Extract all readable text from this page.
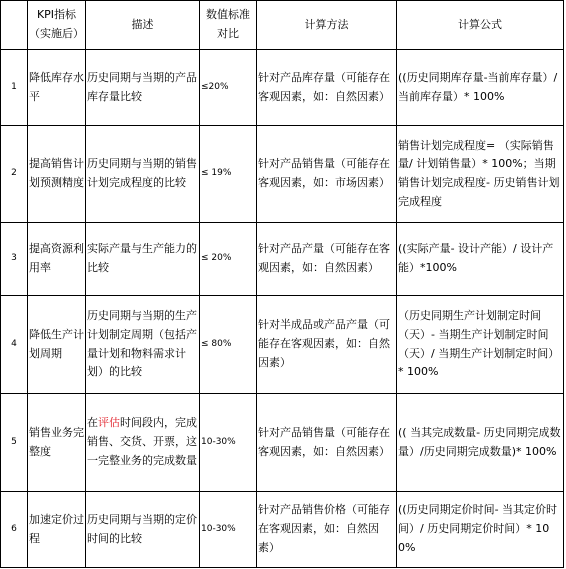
	KPI指标（实施后）	描述	数值标准对比	计算方法	计算公式
1	降低库存水平	历史同期与当期的产品库存量比较	≤20%	针对产品库存量（可能存在客观因素，如：自然因素）	((历史同期库存量-当前库存量）/ 当前库存量）* 100%
2	提高销售计划预测精度	历史同期与当期的销售计划完成程度的比较	≤ 19%	针对产品销售量（可能存在客观因素，如：市场因素）	销售计划完成程度= （实际销售量/ 计划销售量）* 100%；当期销售计划完成程度- 历史销售计划完成程度
3	提高资源利用率	实际产量与生产能力的比较	≤ 20%	针对产品产量（可能存在客观因素，如：自然因素）	((实际产量- 设计产能）/ 设计产能）*100%
4	降低生产计划周期	历史同期与当期的生产计划制定周期（包括产量计划和物料需求计划）的比较	≤ 80%	针对半成品或产品产量（可能存在客观因素，如：自然因素）	（历史同期生产计划制定时间（天）- 当期生产计划制定时间（天）/ 当期生产计划制定时间）* 100%
5	销售业务完整度	在评估时间段内，完成销售、交货、开票，这一完整业务的完成数量	10-30%	针对产品销售量（可能存在客观因素，如：自然因素）	(( 当其完成数量- 历史同期完成数量）/历史同期完成数量)* 100%
6	加速定价过程	历史同期与当期的定价时间的比较	10-30%	针对产品销售价格（可能存在客观因素，如：自然因素）	((历史同期定价时间- 当其定价时间）/ 历史同期定价时间）* 100%
